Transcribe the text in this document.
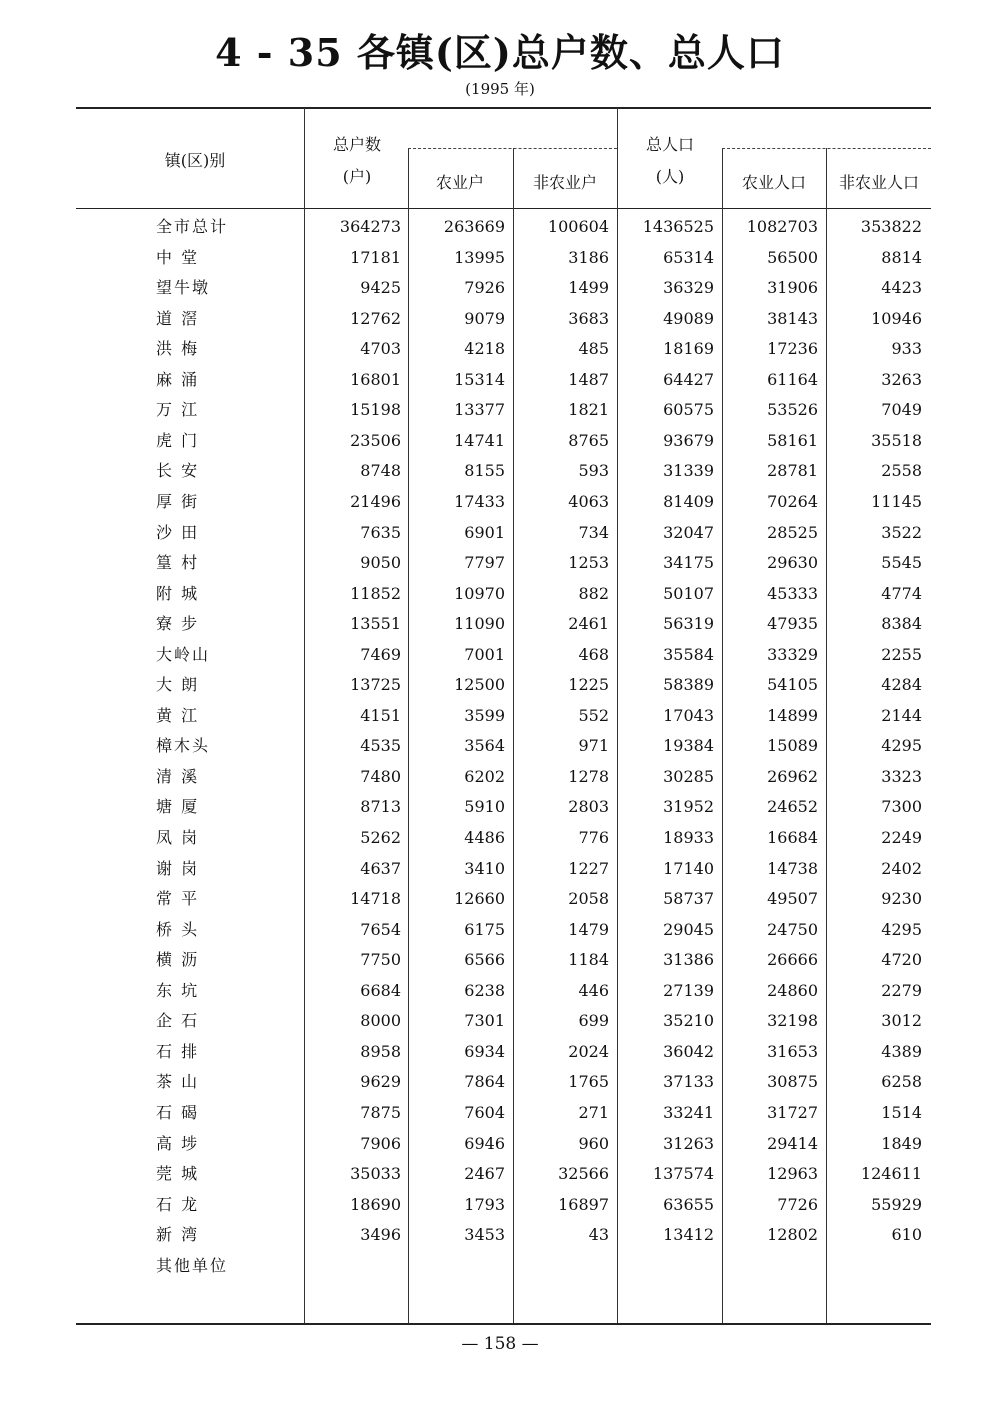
4 - 35 各镇(区)总户数、总人口
(1995 年)
镇(区)别
总户数
(户)	农业户	非农业户
总人口
(人)	农业人口	非农业人口
全市总计	364273	263669	100604	1436525	1082703	353822
中 堂	17181	13995	3186	65314	56500	8814
望牛墩	9425	7926	1499	36329	31906	4423
道 滘	12762	9079	3683	49089	38143	10946
洪 梅	4703	4218	485	18169	17236	933
麻 涌	16801	15314	1487	64427	61164	3263
万 江	15198	13377	1821	60575	53526	7049
虎 门	23506	14741	8765	93679	58161	35518
长 安	8748	8155	593	31339	28781	2558
厚 街	21496	17433	4063	81409	70264	11145
沙 田	7635	6901	734	32047	28525	3522
篁 村	9050	7797	1253	34175	29630	5545
附 城	11852	10970	882	50107	45333	4774
寮 步	13551	11090	2461	56319	47935	8384
大岭山	7469	7001	468	35584	33329	2255
大 朗	13725	12500	1225	58389	54105	4284
黄 江	4151	3599	552	17043	14899	2144
樟木头	4535	3564	971	19384	15089	4295
清 溪	7480	6202	1278	30285	26962	3323
塘 厦	8713	5910	2803	31952	24652	7300
凤 岗	5262	4486	776	18933	16684	2249
谢 岗	4637	3410	1227	17140	14738	2402
常 平	14718	12660	2058	58737	49507	9230
桥 头	7654	6175	1479	29045	24750	4295
横 沥	7750	6566	1184	31386	26666	4720
东 坑	6684	6238	446	27139	24860	2279
企 石	8000	7301	699	35210	32198	3012
石 排	8958	6934	2024	36042	31653	4389
茶 山	9629	7864	1765	37133	30875	6258
石 碣	7875	7604	271	33241	31727	1514
高 埗	7906	6946	960	31263	29414	1849
莞 城	35033	2467	32566	137574	12963	124611
石 龙	18690	1793	16897	63655	7726	55929
新 湾	3496	3453	43	13412	12802	610
其他单位
— 158 —
